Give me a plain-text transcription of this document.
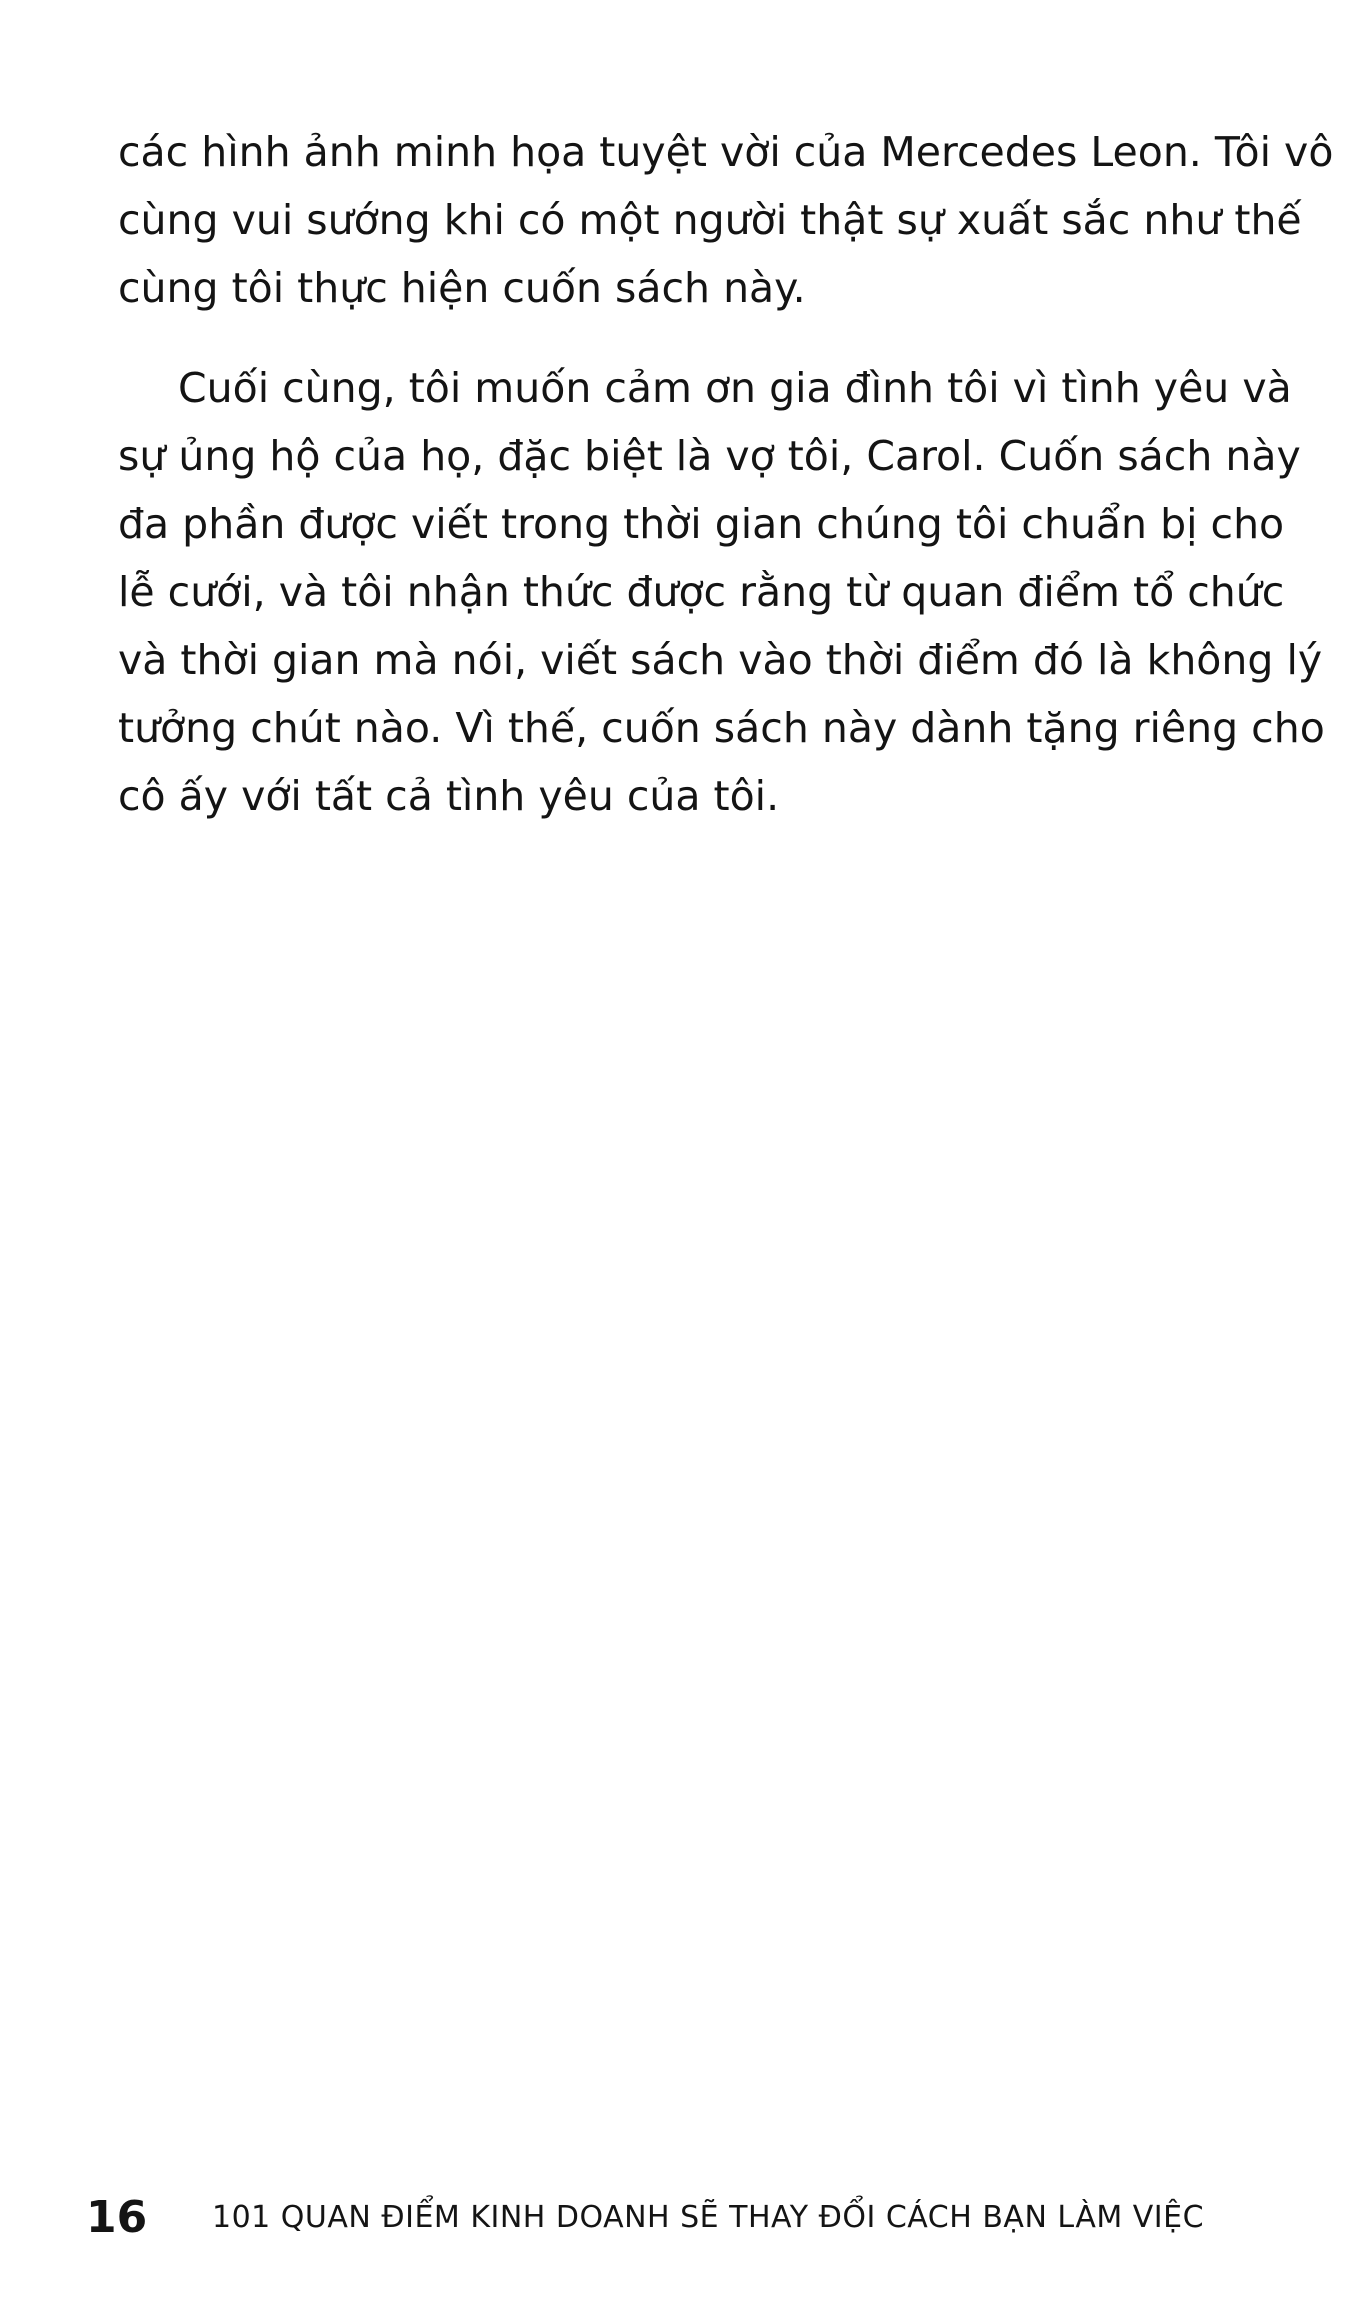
các hình ảnh minh họa tuyệt vời của Mercedes Leon. Tôi vô
cùng vui sướng khi có một người thật sự xuất sắc như thế
cùng tôi thực hiện cuốn sách này.
Cuối cùng, tôi muốn cảm ơn gia đình tôi vì tình yêu và
sự ủng hộ của họ, đặc biệt là vợ tôi, Carol. Cuốn sách này
đa phần được viết trong thời gian chúng tôi chuẩn bị cho
lễ cưới, và tôi nhận thức được rằng từ quan điểm tổ chức
và thời gian mà nói, viết sách vào thời điểm đó là không lý
tưởng chút nào. Vì thế, cuốn sách này dành tặng riêng cho
cô ấy với tất cả tình yêu của tôi.
16 101 QUAN ĐIỂM KINH DOANH SẼ THAY ĐỔI CÁCH BẠN LÀM VIỆC
